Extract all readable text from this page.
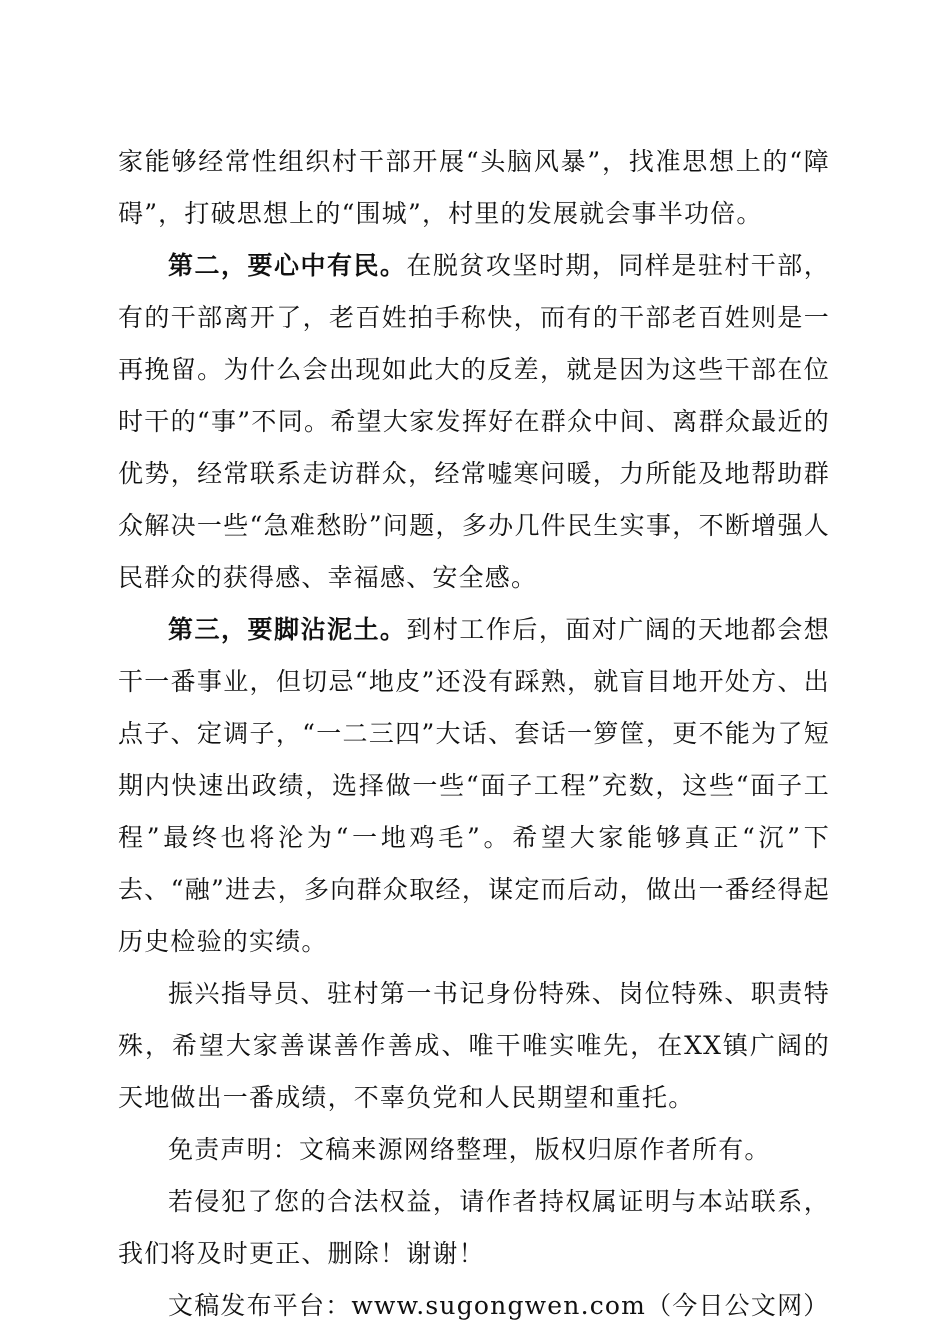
家能够经常性组织村干部开展“头脑风暴”，找准思想上的“障碍”，打破思想上的“围城”，村里的发展就会事半功倍。

第二，要心中有民。在脱贫攻坚时期，同样是驻村干部，有的干部离开了，老百姓拍手称快，而有的干部老百姓则是一再挽留。为什么会出现如此大的反差，就是因为这些干部在位时干的“事”不同。希望大家发挥好在群众中间、离群众最近的优势，经常联系走访群众，经常嘘寒问暖，力所能及地帮助群众解决一些“急难愁盼”问题，多办几件民生实事，不断增强人民群众的获得感、幸福感、安全感。

第三，要脚沾泥土。到村工作后，面对广阔的天地都会想干一番事业，但切忌“地皮”还没有踩熟，就盲目地开处方、出点子、定调子，“一二三四”大话、套话一箩筐，更不能为了短期内快速出政绩，选择做一些“面子工程”充数，这些“面子工程”最终也将沦为“一地鸡毛”。希望大家能够真正“沉”下去、“融”进去，多向群众取经，谋定而后动，做出一番经得起历史检验的实绩。

振兴指导员、驻村第一书记身份特殊、岗位特殊、职责特殊，希望大家善谋善作善成、唯干唯实唯先，在XX镇广阔的天地做出一番成绩，不辜负党和人民期望和重托。

免责声明：文稿来源网络整理，版权归原作者所有。

若侵犯了您的合法权益，请作者持权属证明与本站联系，我们将及时更正、删除！谢谢！

文稿发布平台：www.sugongwen.com（今日公文网）
